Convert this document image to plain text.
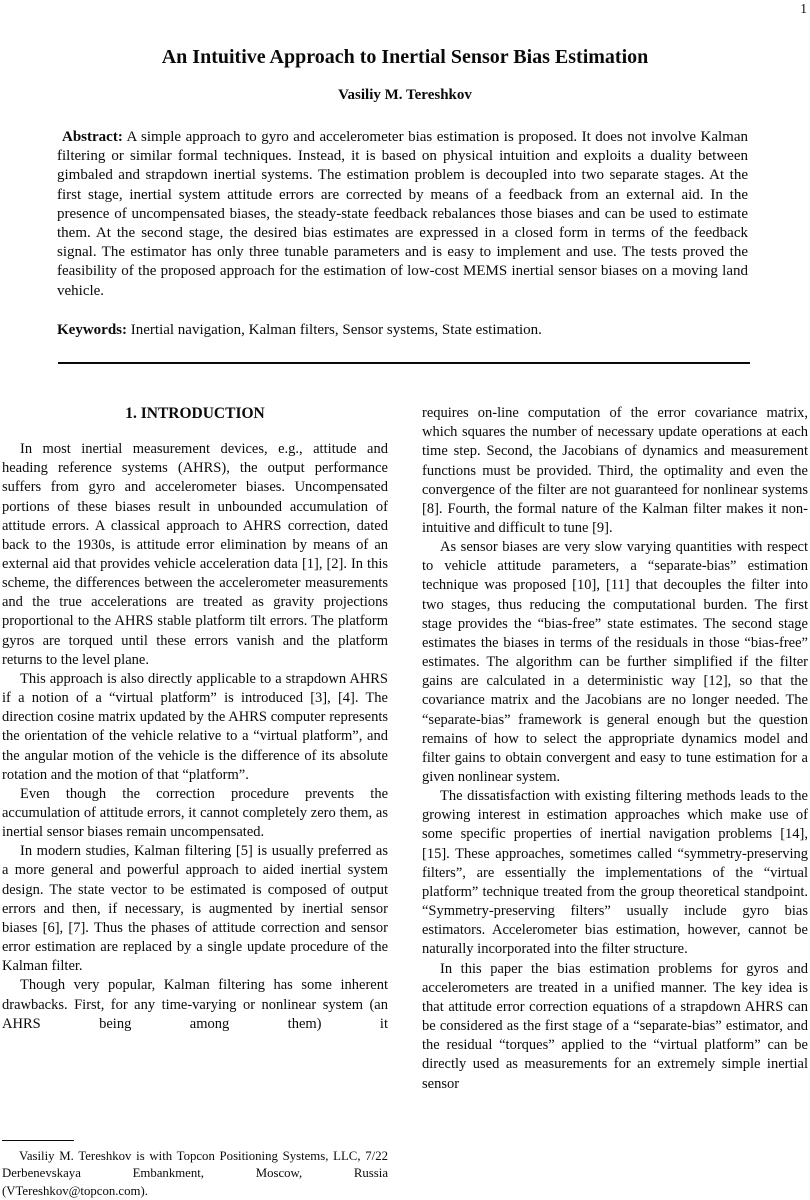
1
An Intuitive Approach to Inertial Sensor Bias Estimation
Vasiliy M. Tereshkov
Abstract: A simple approach to gyro and accelerometer bias estimation is proposed. It does not involve Kalman filtering or similar formal techniques. Instead, it is based on physical intuition and exploits a duality between gimbaled and strapdown inertial systems. The estimation problem is decoupled into two separate stages. At the first stage, inertial system attitude errors are corrected by means of a feedback from an external aid. In the presence of uncompensated biases, the steady-state feedback rebalances those biases and can be used to estimate them. At the second stage, the desired bias estimates are expressed in a closed form in terms of the feedback signal. The estimator has only three tunable parameters and is easy to implement and use. The tests proved the feasibility of the proposed approach for the estimation of low-cost MEMS inertial sensor biases on a moving land vehicle.
Keywords: Inertial navigation, Kalman filters, Sensor systems, State estimation.
1. INTRODUCTION

In most inertial measurement devices, e.g., attitude and heading reference systems (AHRS), the output performance suffers from gyro and accelerometer biases. Uncompensated portions of these biases result in unbounded accumulation of attitude errors. A classical approach to AHRS correction, dated back to the 1930s, is attitude error elimination by means of an external aid that provides vehicle acceleration data [1], [2]. In this scheme, the differences between the accelerometer measurements and the true accelerations are treated as gravity projections proportional to the AHRS stable platform tilt errors. The platform gyros are torqued until these errors vanish and the platform returns to the level plane.

This approach is also directly applicable to a strapdown AHRS if a notion of a “virtual platform” is introduced [3], [4]. The direction cosine matrix updated by the AHRS computer represents the orientation of the vehicle relative to a “virtual platform”, and the angular motion of the vehicle is the difference of its absolute rotation and the motion of that “platform”.

Even though the correction procedure prevents the accumulation of attitude errors, it cannot completely zero them, as inertial sensor biases remain uncompensated.

In modern studies, Kalman filtering [5] is usually preferred as a more general and powerful approach to aided inertial system design. The state vector to be estimated is composed of output errors and then, if necessary, is augmented by inertial sensor biases [6], [7]. Thus the phases of attitude correction and sensor error estimation are replaced by a single update procedure of the Kalman filter.

Though very popular, Kalman filtering has some inherent drawbacks. First, for any time-varying or nonlinear system (an AHRS being among them) it

requires on-line computation of the error covariance matrix, which squares the number of necessary update operations at each time step. Second, the Jacobians of dynamics and measurement functions must be provided. Third, the optimality and even the convergence of the filter are not guaranteed for nonlinear systems [8]. Fourth, the formal nature of the Kalman filter makes it non-intuitive and difficult to tune [9].

As sensor biases are very slow varying quantities with respect to vehicle attitude parameters, a “separate-bias” estimation technique was proposed [10], [11] that decouples the filter into two stages, thus reducing the computational burden. The first stage provides the “bias-free” state estimates. The second stage estimates the biases in terms of the residuals in those “bias-free” estimates. The algorithm can be further simplified if the filter gains are calculated in a deterministic way [12], so that the covariance matrix and the Jacobians are no longer needed. The “separate-bias” framework is general enough but the question remains of how to select the appropriate dynamics model and filter gains to obtain convergent and easy to tune estimation for a given nonlinear system.

The dissatisfaction with existing filtering methods leads to the growing interest in estimation approaches which make use of some specific properties of inertial navigation problems [14], [15]. These approaches, sometimes called “symmetry-preserving filters”, are essentially the implementations of the “virtual platform” technique treated from the group theoretical standpoint. “Symmetry-preserving filters” usually include gyro bias estimators. Accelerometer bias estimation, however, cannot be naturally incorporated into the filter structure.

In this paper the bias estimation problems for gyros and accelerometers are treated in a unified manner. The key idea is that attitude error correction equations of a strapdown AHRS can be considered as the first stage of a “separate-bias” estimator, and the residual “torques” applied to the “virtual platform” can be directly used as measurements for an extremely simple inertial sensor

Vasiliy M. Tereshkov is with Topcon Positioning Systems, LLC, 7/22 Derbenevskaya Embankment, Moscow, Russia (VTereshkov@topcon.com).
